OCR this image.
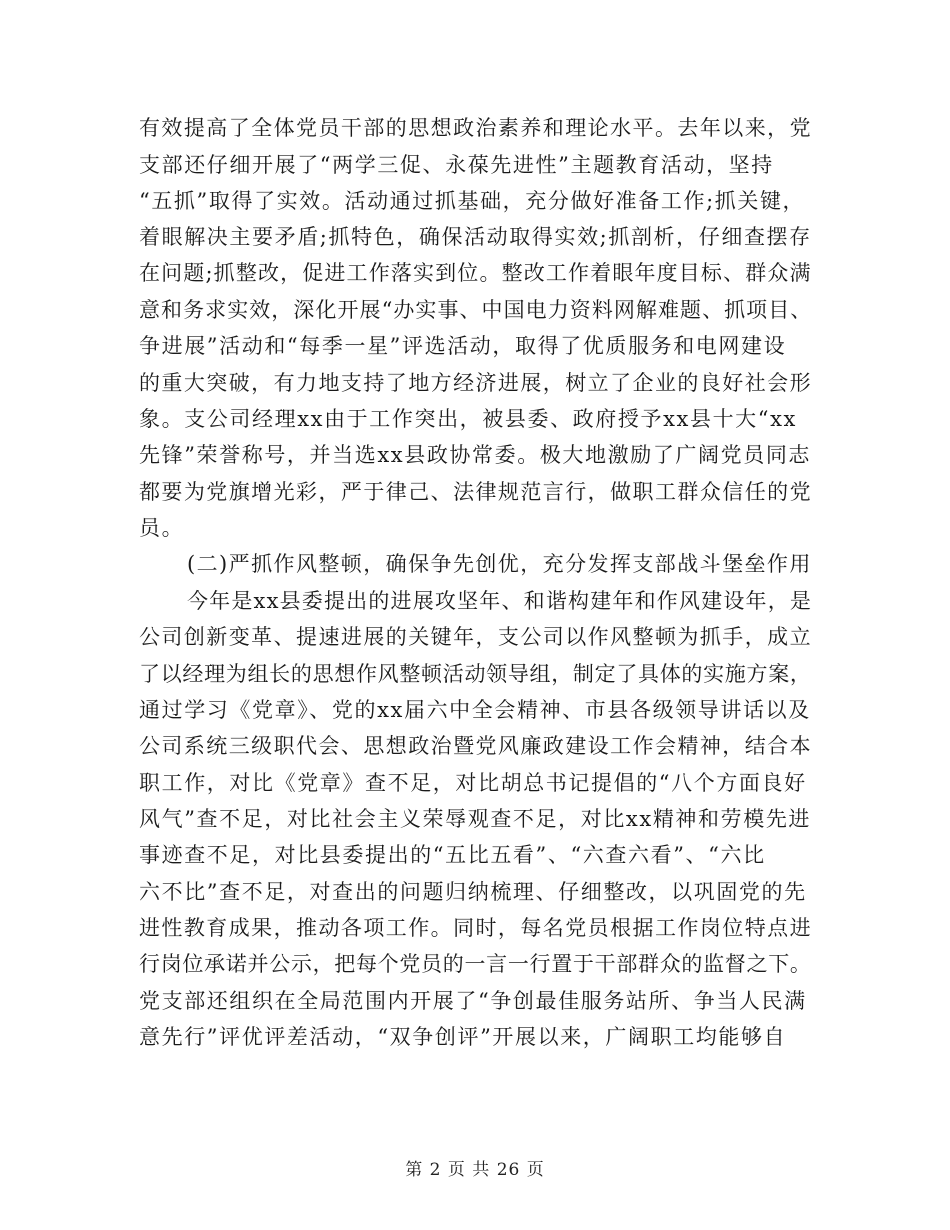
有效提高了全体党员干部的思想政治素养和理论水平。去年以来，党
支部还仔细开展了“两学三促、永葆先进性”主题教育活动，坚持
“五抓”取得了实效。活动通过抓基础，充分做好准备工作;抓关键，
着眼解决主要矛盾;抓特色，确保活动取得实效;抓剖析，仔细查摆存
在问题;抓整改，促进工作落实到位。整改工作着眼年度目标、群众满
意和务求实效，深化开展“办实事、中国电力资料网解难题、抓项目、
争进展”活动和“每季一星”评选活动，取得了优质服务和电网建设
的重大突破，有力地支持了地方经济进展，树立了企业的良好社会形
象。支公司经理xx由于工作突出，被县委、政府授予xx县十大“xx
先锋”荣誉称号，并当选xx县政协常委。极大地激励了广阔党员同志
都要为党旗增光彩，严于律己、法律规范言行，做职工群众信任的党
员。
(二)严抓作风整顿，确保争先创优，充分发挥支部战斗堡垒作用
今年是xx县委提出的进展攻坚年、和谐构建年和作风建设年，是
公司创新变革、提速进展的关键年，支公司以作风整顿为抓手，成立
了以经理为组长的思想作风整顿活动领导组，制定了具体的实施方案，
通过学习《党章》、党的xx届六中全会精神、市县各级领导讲话以及
公司系统三级职代会、思想政治暨党风廉政建设工作会精神，结合本
职工作，对比《党章》查不足，对比胡总书记提倡的“八个方面良好
风气”查不足，对比社会主义荣辱观查不足，对比xx精神和劳模先进
事迹查不足，对比县委提出的“五比五看”、“六查六看”、“六比
六不比”查不足，对查出的问题归纳梳理、仔细整改，以巩固党的先
进性教育成果，推动各项工作。同时，每名党员根据工作岗位特点进
行岗位承诺并公示，把每个党员的一言一行置于干部群众的监督之下。
党支部还组织在全局范围内开展了“争创最佳服务站所、争当人民满
意先行”评优评差活动，“双争创评”开展以来，广阔职工均能够自
第 2 页 共 26 页
